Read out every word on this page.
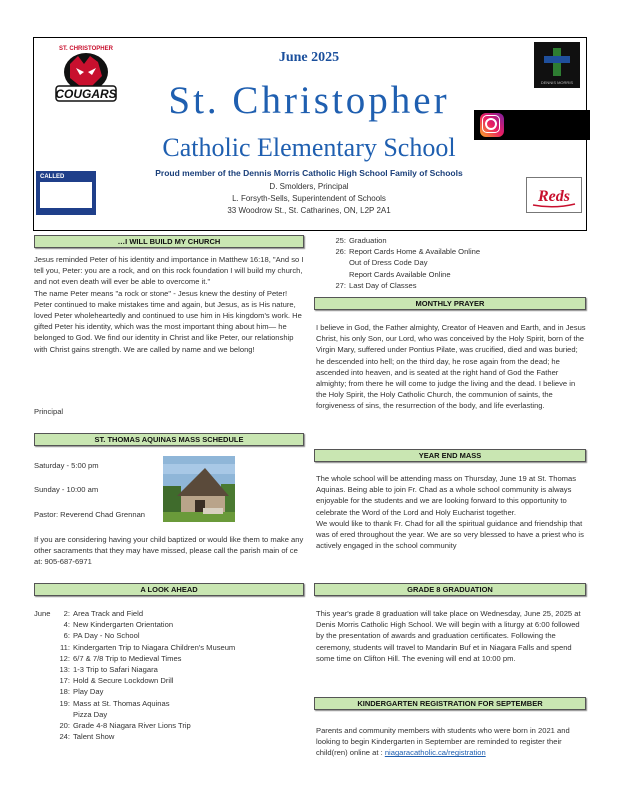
ST. CHRISTOPHER
COUGARS
CALLED
DENNIS MORRIS
Reds
June 2025
St. Christopher
Catholic Elementary School
Proud member of the Dennis Morris Catholic High School Family of Schools
D. Smolders, Principal
L. Forsyth-Sells, Superintendent of Schools
33 Woodrow St., St. Catharines, ON, L2P 2A1
…I WILL BUILD MY CHURCH

Jesus reminded Peter of his identity and importance in Matthew 16:18, "And so I tell you, Peter: you are a rock, and on this rock foundation I will build my church, and not even death will ever be able to overcome it."

The name Peter means "a rock or stone" - Jesus knew the destiny of Peter! Peter continued to make mistakes time and again, but Jesus, as is His nature, loved Peter wholeheartedly and continued to use him in His kingdom's work. He gifted Peter his identity, which was the most important thing about him— he belonged to God. We find our identity in Christ and like Peter, our relationship with Christ gains strength. We are called by name and we belong!

Principal
ST. THOMAS AQUINAS MASS SCHEDULE
Saturday - 5:00 pm
Sunday - 10:00 am
Pastor: Reverend Chad Grennan
If you are considering having your child baptized or would like them to make any other sacraments that they may have missed, please call the parish main of ce at: 905-687-6971
A LOOK AHEAD
June	2: Area Track and Field
4: New Kindergarten Orientation
6: PA Day - No School
11: Kindergarten Trip to Niagara Children's Museum
12: 6/7 & 7/8 Trip to Medieval Times
13: 1-3 Trip to Safari Niagara
17: Hold & Secure Lockdown Drill
18: Play Day
19: Mass at St. Thomas Aquinas
Pizza Day
20: Grade 4-8 Niagara River Lions Trip
24: Talent Show
25: Graduation
26: Report Cards Home & Available Online
Out of Dress Code Day
Report Cards Available Online
27: Last Day of Classes
MONTHLY PRAYER
I believe in God, the Father almighty, Creator of Heaven and Earth, and in Jesus Christ, his only Son, our Lord, who was conceived by the Holy Spirit, born of the Virgin Mary, suffered under Pontius Pilate, was crucified, died and was buried; he descended into hell; on the third day, he rose again from the dead; he ascended into heaven, and is seated at the right hand of God the Father almighty; from there he will come to judge the living and the dead. I believe in the Holy Spirit, the Holy Catholic Church, the communion of saints, the forgiveness of sins, the resurrection of the body, and life everlasting.
YEAR END MASS

The whole school will be attending mass on Thursday, June 19 at St. Thomas Aquinas. Being able to join Fr. Chad as a whole school community is always enjoyable for the students and we are looking forward to this opportunity to celebrate the Word of the Lord and Holy Eucharist together.

We would like to thank Fr. Chad for all the spiritual guidance and friendship that was of ered throughout the year. We are so very blessed to have a priest who is actively engaged in the school community

GRADE 8 GRADUATION
This year's grade 8 graduation will take place on Wednesday, June 25, 2025 at Denis Morris Catholic High School. We will begin with a liturgy at 6:00 followed by the presentation of awards and graduation certificates. Following the ceremony, students will travel to Mandarin Buf et in Niagara Falls and spend some time on Clifton Hill. The evening will end at 10:00 pm.
KINDERGARTEN REGISTRATION FOR SEPTEMBER
Parents and community members with students who were born in 2021 and looking to begin Kindergarten in September are reminded to register their child(ren) online at : niagaracatholic.ca/registration
